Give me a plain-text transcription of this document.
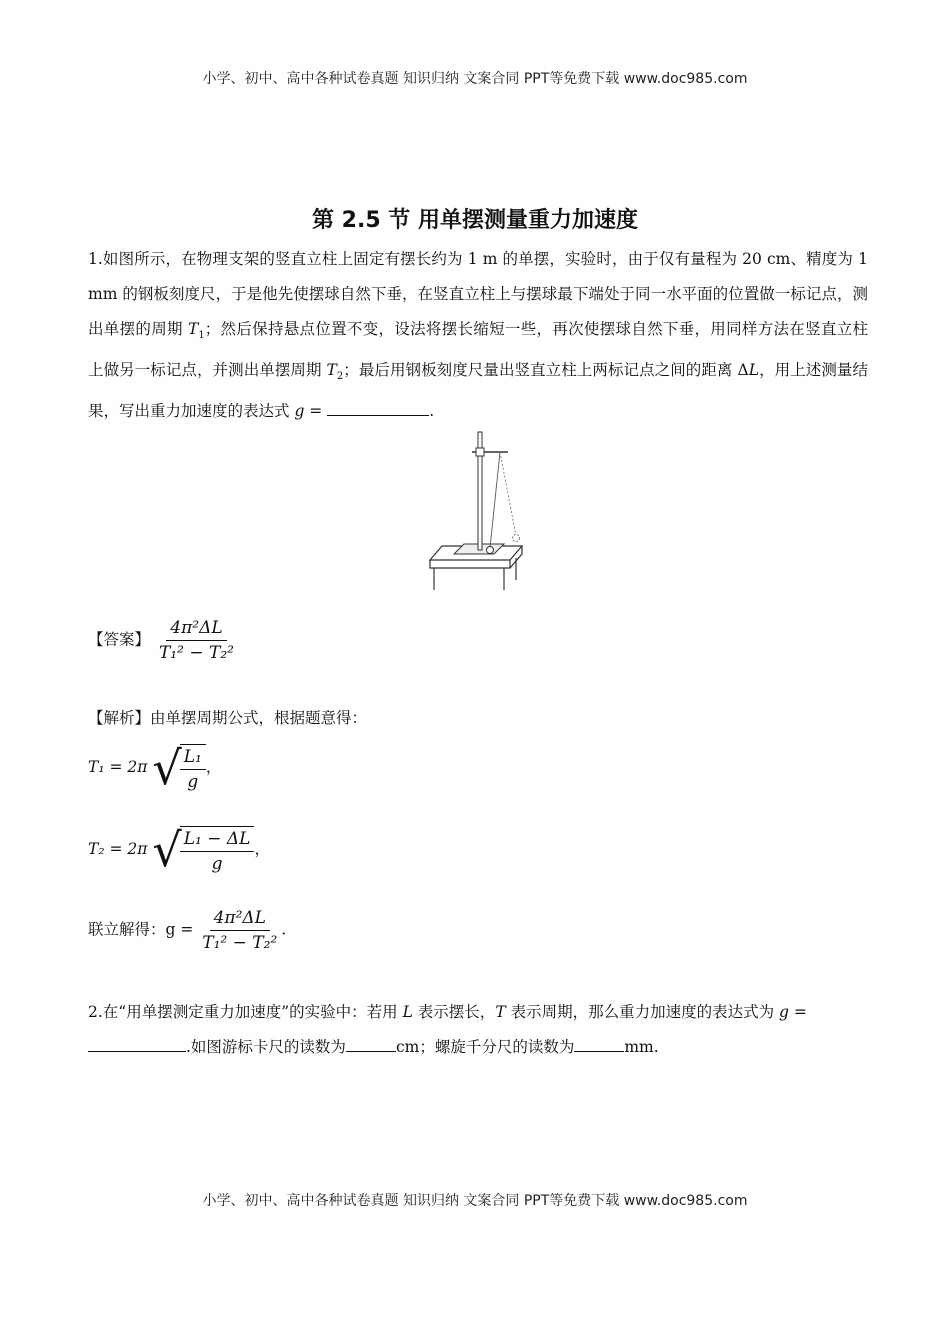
小学、初中、高中各种试卷真题 知识归纳 文案合同 PPT等免费下载 www.doc985.com
第 2.5 节 用单摆测量重力加速度
1.如图所示，在物理支架的竖直立柱上固定有摆长约为 1 m 的单摆，实验时，由于仅有量程为 20 cm、精度为 1 mm 的钢板刻度尺，于是他先使摆球自然下垂，在竖直立柱上与摆球最下端处于同一水平面的位置做一标记点，测出单摆的周期 $T_1$；然后保持悬点位置不变，设法将摆长缩短一些，再次使摆球自然下垂，用同样方法在竖直立柱上做另一标记点，并测出单摆周期 $T_2$；最后用钢板刻度尺量出竖直立柱上两标记点之间的距离 ΔL，用上述测量结果，写出重力加速度的表达式 g =	.
【答案】 $\frac{\text{4π²ΔL}}{\text{T₁² − T₂²}}$
【解析】由单摆周期公式，根据题意得：
T₁ = 2π √
$\frac{\text{L₁}}{g}$ ，
T₂ = 2π √
$\frac{\text{L₁ − ΔL}}{g}$ ，
联立解得：$g = \frac{\text{4π²ΔL}}{\text{T₁² − T₂²}}$ .
2.在“用单摆测定重力加速度”的实验中：若用 L 表示摆长，T 表示周期，那么重力加速度的表达式为 g =
.如图游标卡尺的读数为	cm；螺旋千分尺的读数为	mm.
小学、初中、高中各种试卷真题 知识归纳 文案合同 PPT等免费下载 www.doc985.com
